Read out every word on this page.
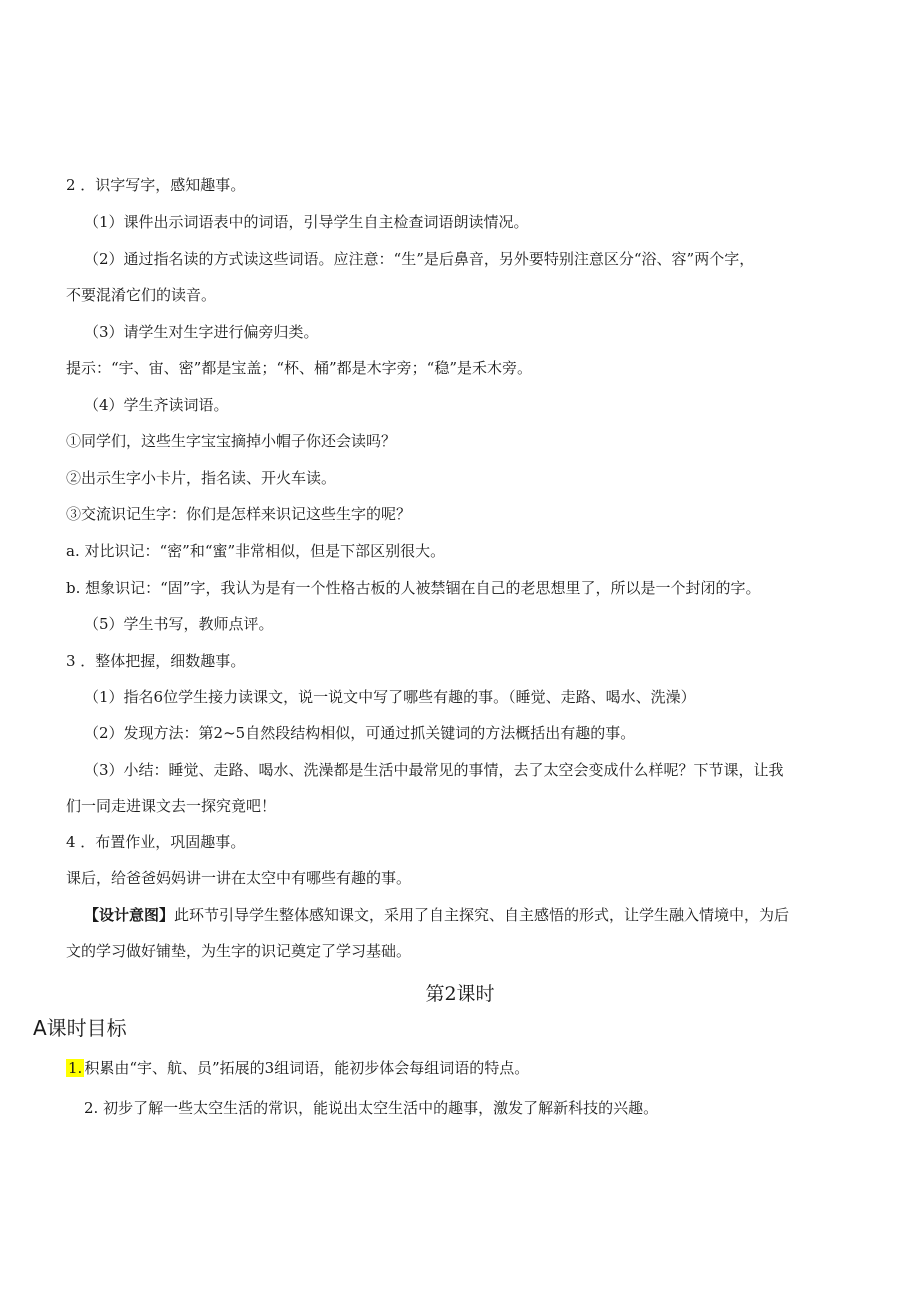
2 ．识字写字，感知趣事。
（1）课件出示词语表中的词语，引导学生自主检查词语朗读情况。
（2）通过指名读的方式读这些词语。应注意：“生”是后鼻音，另外要特别注意区分“浴、容”两个字，
不要混淆它们的读音。
（3）请学生对生字进行偏旁归类。
提示：“宇、宙、密”都是宝盖；“杯、桶”都是木字旁；“稳”是禾木旁。
（4）学生齐读词语。
①同学们，这些生字宝宝摘掉小帽子你还会读吗？
②出示生字小卡片，指名读、开火车读。
③交流识记生字：你们是怎样来识记这些生字的呢？
a. 对比识记：“密”和“蜜”非常相似，但是下部区别很大。
b. 想象识记：“固”字，我认为是有一个性格古板的人被禁锢在自己的老思想里了，所以是一个封闭的字。
（5）学生书写，教师点评。
3 ．整体把握，细数趣事。
（1）指名6位学生接力读课文，说一说文中写了哪些有趣的事。（睡觉、走路、喝水、洗澡）
（2）发现方法：第2~5自然段结构相似，可通过抓关键词的方法概括出有趣的事。
（3）小结：睡觉、走路、喝水、洗澡都是生活中最常见的事情，去了太空会变成什么样呢？下节课，让我
们一同走进课文去一探究竟吧！
4 ．布置作业，巩固趣事。
课后，给爸爸妈妈讲一讲在太空中有哪些有趣的事。
【设计意图】此环节引导学生整体感知课文，采用了自主探究、自主感悟的形式，让学生融入情境中，为后
文的学习做好铺垫，为生字的识记奠定了学习基础。
第2课时
A课时目标
1. 积累由“宇、航、员”拓展的3组词语，能初步体会每组词语的特点。
2. 初步了解一些太空生活的常识，能说出太空生活中的趣事，激发了解新科技的兴趣。
